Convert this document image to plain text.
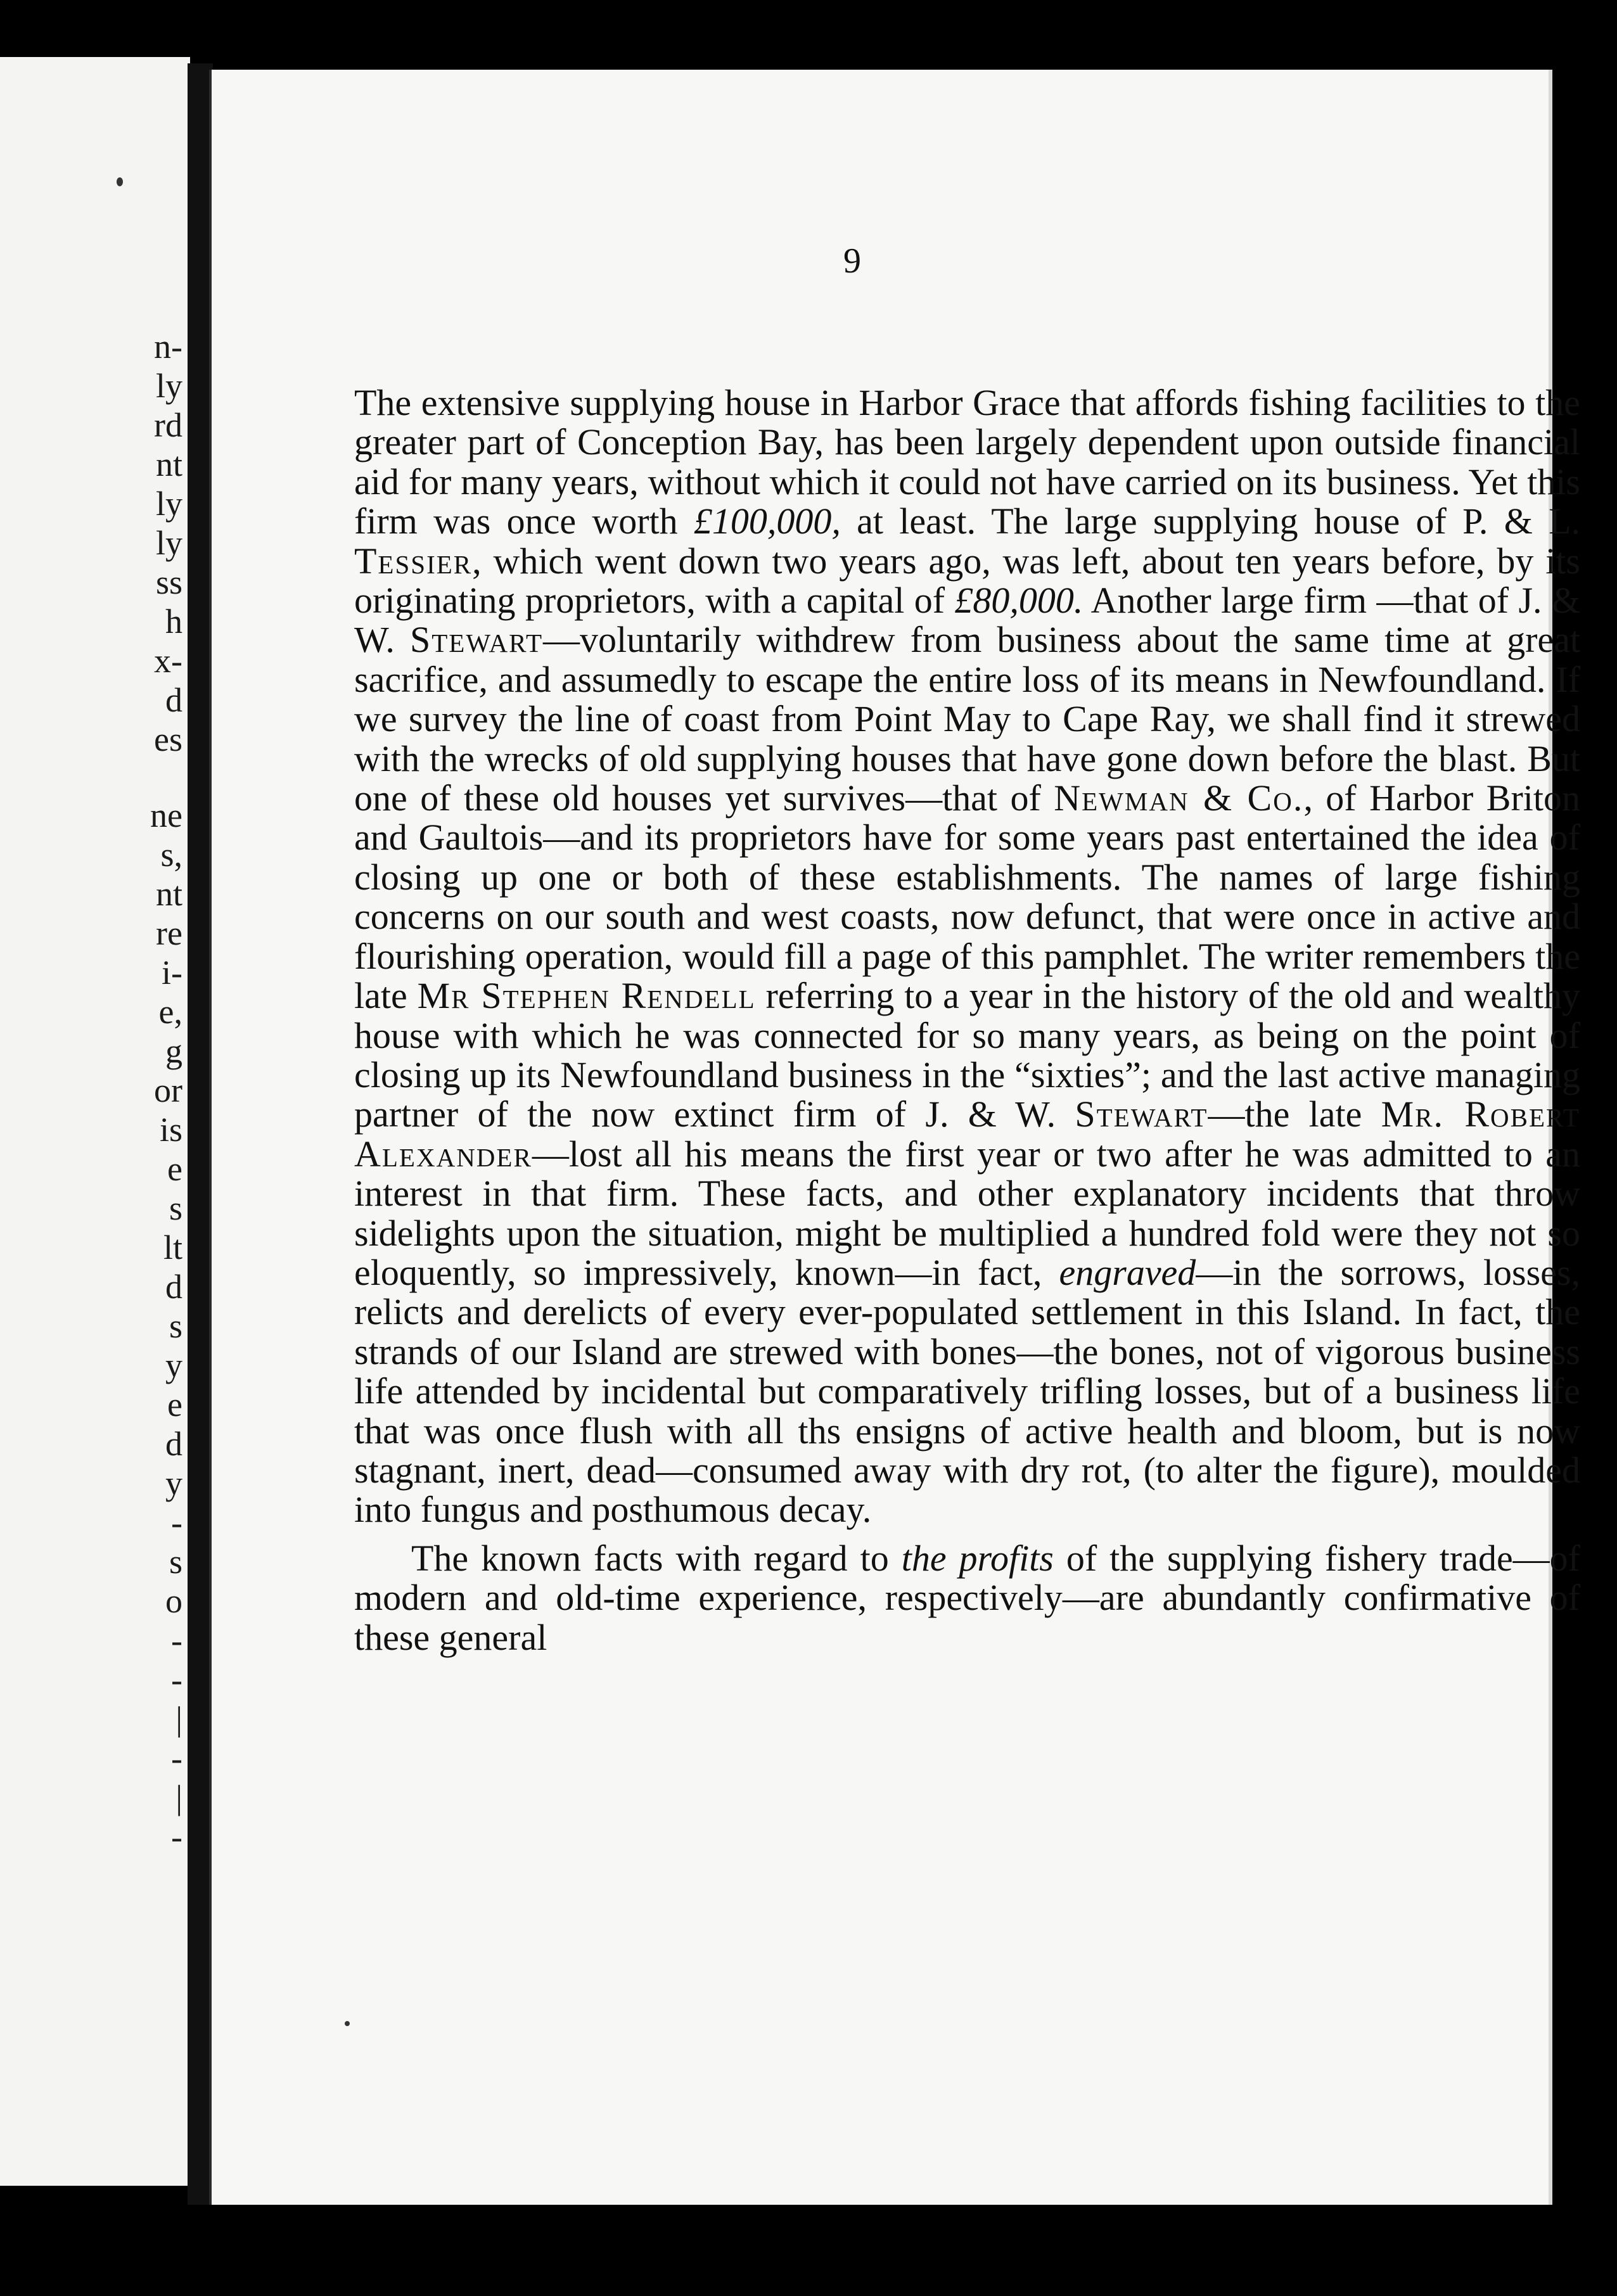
n-
ly
rd
nt
ly
ly
ss
h
x-
d
es
ne
s,
nt
re
i-
e,
g
or
is
e
s
lt
d
s
y
e
d
y
-
s
o
-
-
|
-
|
-
9

The extensive supplying house in Harbor Grace that affords fishing facilities to the greater part of Conception Bay, has been largely dependent upon outside financial aid for many years, without which it could not have carried on its business. Yet this firm was once worth £100,000, at least. The large supplying house of P. & L. Tessier, which went down two years ago, was left, about ten years before, by its originating proprietors, with a capital of £80,000. Another large firm —that of J. & W. Stewart—voluntarily withdrew from business about the same time at great sacrifice, and assumedly to escape the entire loss of its means in Newfoundland. If we survey the line of coast from Point May to Cape Ray, we shall find it strewed with the wrecks of old supplying houses that have gone down before the blast. But one of these old houses yet survives—that of Newman & Co., of Harbor Briton and Gaultois—and its proprietors have for some years past entertained the idea of closing up one or both of these establishments. The names of large fishing concerns on our south and west coasts, now defunct, that were once in active and flourishing operation, would fill a page of this pamphlet. The writer remembers the late Mr Stephen Rendell referring to a year in the history of the old and wealthy house with which he was connected for so many years, as being on the point of closing up its Newfoundland business in the “sixties”; and the last active managing partner of the now extinct firm of J. & W. Stewart—the late Mr. Robert Alexander—lost all his means the first year or two after he was admitted to an interest in that firm. These facts, and other explanatory incidents that throw sidelights upon the situation, might be multiplied a hundred fold were they not so eloquently, so impressively, known—in fact, engraved—in the sorrows, losses, relicts and derelicts of every ever-populated settlement in this Island. In fact, the strands of our Island are strewed with bones—the bones, not of vigorous business life attended by incidental but comparatively trifling losses, but of a business life that was once flush with all ths ensigns of active health and bloom, but is now stagnant, inert, dead—consumed away with dry rot, (to alter the figure), moulded into fungus and posthumous decay.

The known facts with regard to the profits of the supplying fishery trade—of modern and old-time experience, respectively—are abundantly confirmative of these general
